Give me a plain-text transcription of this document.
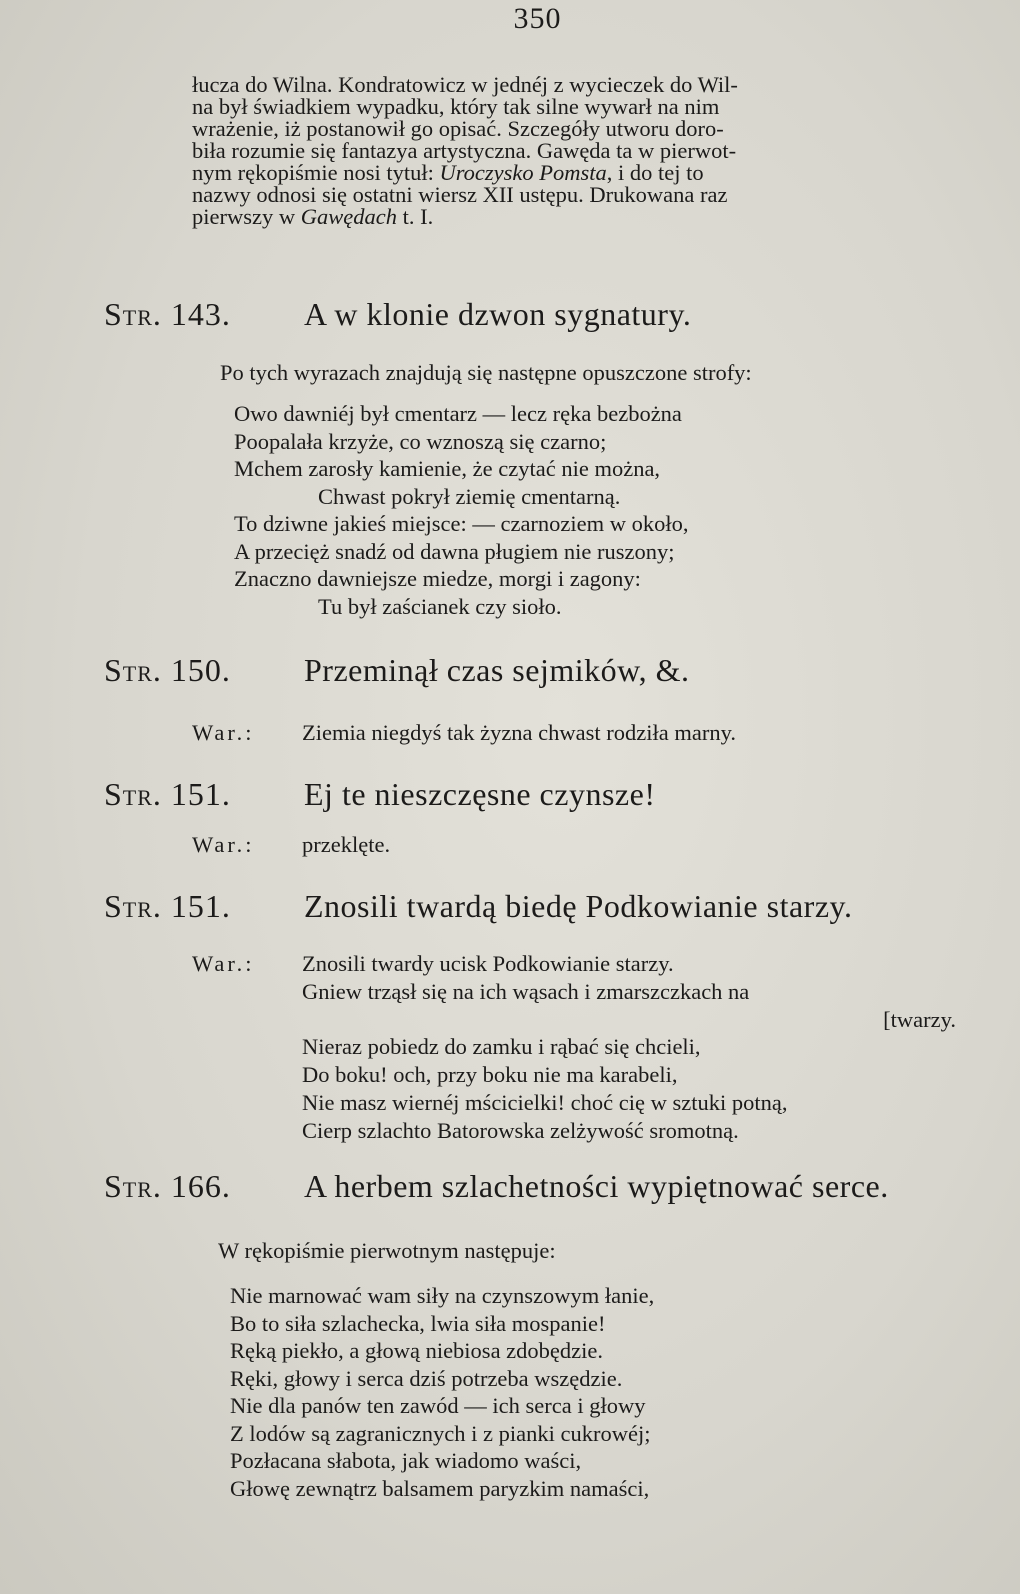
350

łucza do Wilna. Kondratowicz w jednéj z wycieczek do Wil-
na był świadkiem wypadku, który tak silne wywarł na nim
wrażenie, iż postanowił go opisać. Szczegóły utworu doro-
biła rozumie się fantazya artystyczna. Gawęda ta w pierwot-
nym rękopiśmie nosi tytuł: Uroczysko Pomsta, i do tej to
nazwy odnosi się ostatni wiersz XII ustępu. Drukowana raz
pierwszy w Gawędach t. I.

Str. 143.	A w klonie dzwon sygnatury.
Po tych wyrazach znajdują się następne opuszczone strofy:
Owo dawniéj był cmentarz — lecz ręka bezbożna
Poopalała krzyże, co wznoszą się czarno;
Mchem zarosły kamienie, że czytać nie można,
Chwast pokrył ziemię cmentarną.
To dziwne jakieś miejsce: — czarnoziem w około,
A przecięż snadź od dawna pługiem nie ruszony;
Znaczno dawniejsze miedze, morgi i zagony:
Tu był zaścianek czy sioło.
Str. 150.	Przeminął czas sejmików, &.
War.:	Ziemia niegdyś tak żyzna chwast rodziła marny.
Str. 151.	Ej te nieszczęsne czynsze!
War.:	przeklęte.
Str. 151.	Znosili twardą biedę Podkowianie starzy.
War.: Znosili twardy ucisk Podkowianie starzy.
Gniew trząsł się na ich wąsach i zmarszczkach na
[twarzy.
Nieraz pobiedz do zamku i rąbać się chcieli,
Do boku! och, przy boku nie ma karabeli,
Nie masz wiernéj mścicielki! choć cię w sztuki potną,
Cierp szlachto Batorowska zelżywość sromotną.
Str. 166.	A herbem szlachetności wypiętnować serce.
W rękopiśmie pierwotnym następuje:
Nie marnować wam siły na czynszowym łanie,
Bo to siła szlachecka, lwia siła mospanie!
Ręką piekło, a głową niebiosa zdobędzie.
Ręki, głowy i serca dziś potrzeba wszędzie.
Nie dla panów ten zawód — ich serca i głowy
Z lodów są zagranicznych i z pianki cukrowéj;
Pozłacana słabota, jak wiadomo waści,
Głowę zewnątrz balsamem paryzkim namaści,
